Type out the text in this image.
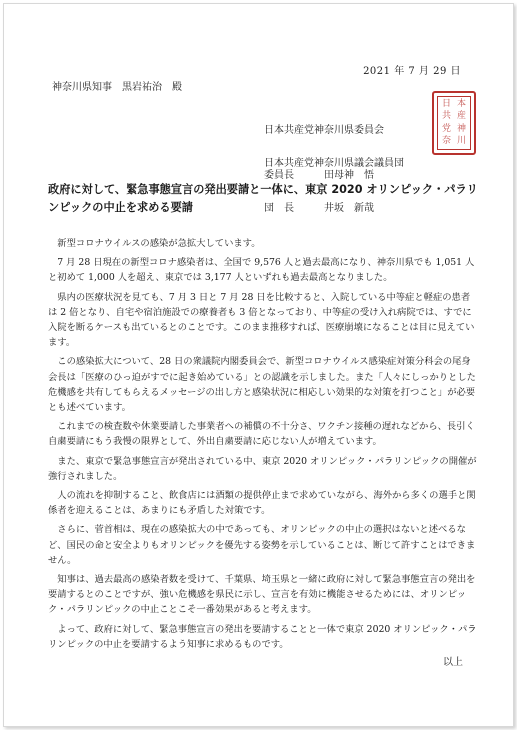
2021 年 7 月 29 日
神奈川県知事　黒岩祐治　殿

日本共産党神奈川県委員会

委員長　　　田母神　悟

日本共産党神奈川県議会議員団

団　長　　　井坂　新哉

日 本
共 産
党 神
奈 川
政府に対して、緊急事態宣言の発出要請と一体に、東京 2020 オリンピック・パラリンピックの中止を求める要請

新型コロナウイルスの感染が急拡大しています。

7 月 28 日現在の新型コロナ感染者は、全国で 9,576 人と過去最高になり、神奈川県でも 1,051 人と初めて 1,000 人を超え、東京では 3,177 人といずれも過去最高となりました。

県内の医療状況を見ても、7 月 3 日と 7 月 28 日を比較すると、入院している中等症と軽症の患者は 2 倍となり、自宅や宿泊施設での療養者も 3 倍となっており、中等症の受け入れ病院では、すでに入院を断るケースも出ているとのことです。このまま推移すれば、医療崩壊になることは目に見えています。

この感染拡大について、28 日の衆議院内閣委員会で、新型コロナウイルス感染症対策分科会の尾身会長は「医療のひっ迫がすでに起き始めている」との認識を示しました。また「人々にしっかりとした危機感を共有してもらえるメッセージの出し方と感染状況に相応しい効果的な対策を打つこと」が必要とも述べています。

これまでの検査数や休業要請した事業者への補償の不十分さ、ワクチン接種の遅れなどから、長引く自粛要請にもう我慢の限界として、外出自粛要請に応じない人が増えています。

また、東京で緊急事態宣言が発出されている中、東京 2020 オリンピック・パラリンピックの開催が強行されました。

人の流れを抑制すること、飲食店には酒類の提供停止まで求めていながら、海外から多くの選手と関係者を迎えることは、あまりにも矛盾した対策です。

さらに、菅首相は、現在の感染拡大の中であっても、オリンピックの中止の選択はないと述べるなど、国民の命と安全よりもオリンピックを優先する姿勢を示していることは、断じて許すことはできません。

知事は、過去最高の感染者数を受けて、千葉県、埼玉県と一緒に政府に対して緊急事態宣言の発出を要請するとのことですが、強い危機感を県民に示し、宣言を有効に機能させるためには、オリンピック・パラリンピックの中止ことこそ一番効果があると考えます。

よって、政府に対して、緊急事態宣言の発出を要請することと一体で東京 2020 オリンピック・パラリンピックの中止を要請するよう知事に求めるものです。

以上
